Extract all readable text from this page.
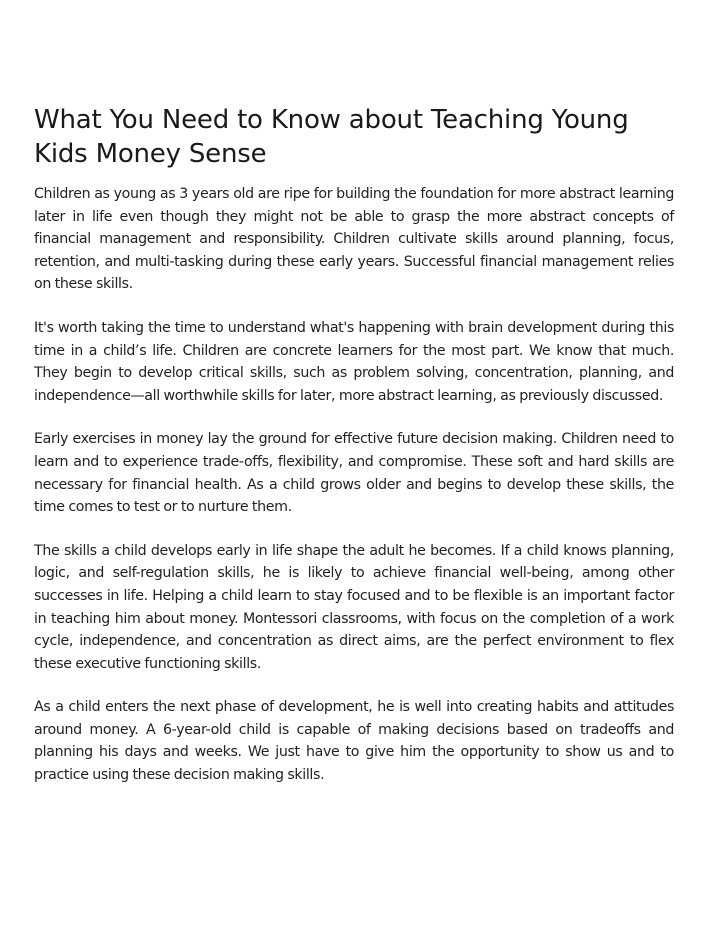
What You Need to Know about Teaching Young Kids Money Sense

Children as young as 3 years old are ripe for building the foundation for more abstract learning later in life even though they might not be able to grasp the more abstract concepts of financial management and responsibility. Children cultivate skills around planning, focus, retention, and multi-tasking during these early years. Successful financial management relies on these skills.

It's worth taking the time to understand what's happening with brain development during this time in a child’s life. Children are concrete learners for the most part. We know that much. They begin to develop critical skills, such as problem solving, concentration, planning, and independence—all worthwhile skills for later, more abstract learning, as previously discussed.

Early exercises in money lay the ground for effective future decision making. Children need to learn and to experience trade-offs, flexibility, and compromise. These soft and hard skills are necessary for financial health. As a child grows older and begins to develop these skills, the time comes to test or to nurture them.

The skills a child develops early in life shape the adult he becomes. If a child knows planning, logic, and self-regulation skills, he is likely to achieve financial well-being, among other successes in life. Helping a child learn to stay focused and to be flexible is an important factor in teaching him about money. Montessori classrooms, with focus on the completion of a work cycle, independence, and concentration as direct aims, are the perfect environment to flex these executive functioning skills.

As a child enters the next phase of development, he is well into creating habits and attitudes around money. A 6-year-old child is capable of making decisions based on tradeoffs and planning his days and weeks. We just have to give him the opportunity to show us and to practice using these decision making skills.
